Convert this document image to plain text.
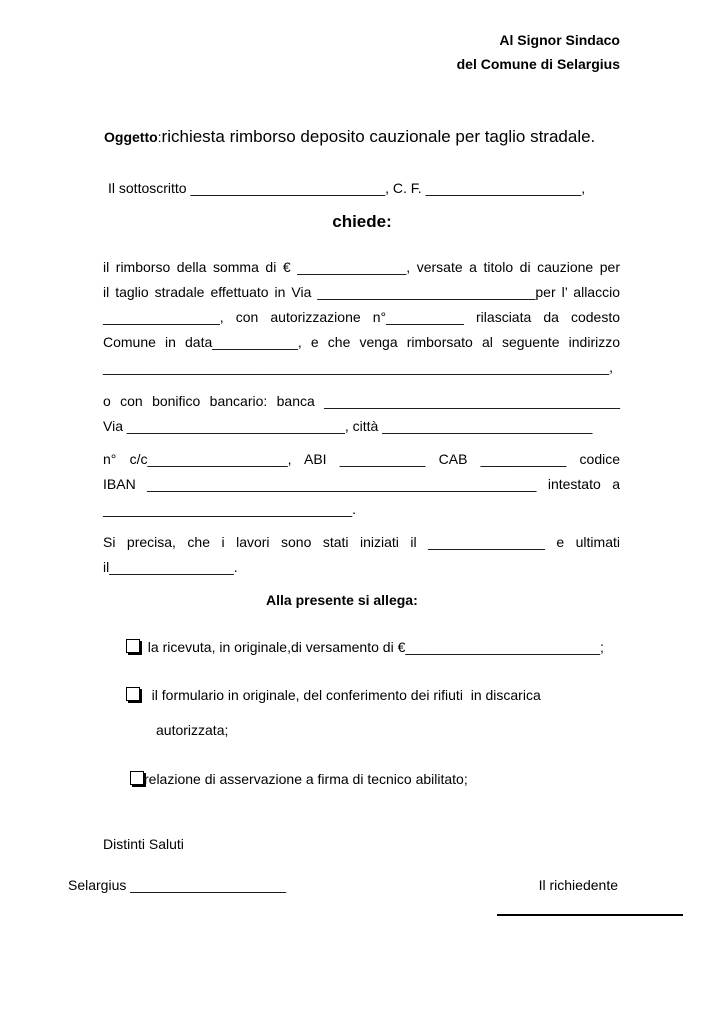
Al Signor Sindaco
del Comune di Selargius
Oggetto:richiesta rimborso deposito cauzionale per taglio stradale.
Il sottoscritto _________________________, C. F. ____________________,
chiede:
il rimborso della somma di € ______________, versate a titolo di cauzione per
il taglio stradale effettuato in Via ____________________________per l’ allaccio
_______________, con autorizzazione n°__________ rilasciata da codesto
Comune in data___________, e che venga rimborsato al seguente indirizzo
_________________________________________________________________,
o con bonifico bancario: banca ______________________________________
Via ____________________________, città ___________________________
n° c/c__________________, ABI ___________ CAB ___________ codice
IBAN __________________________________________________ intestato a
________________________________.
Si precisa, che i lavori sono stati iniziati il _______________ e ultimati
il________________.
Alla presente si allega:
la ricevuta, in originale,di versamento di €_________________________;
il formulario in originale, del conferimento dei rifiuti  in discarica
autorizzata;
relazione di asservazione a firma di tecnico abilitato;
Distinti Saluti
Selargius ____________________	Il richiedente
